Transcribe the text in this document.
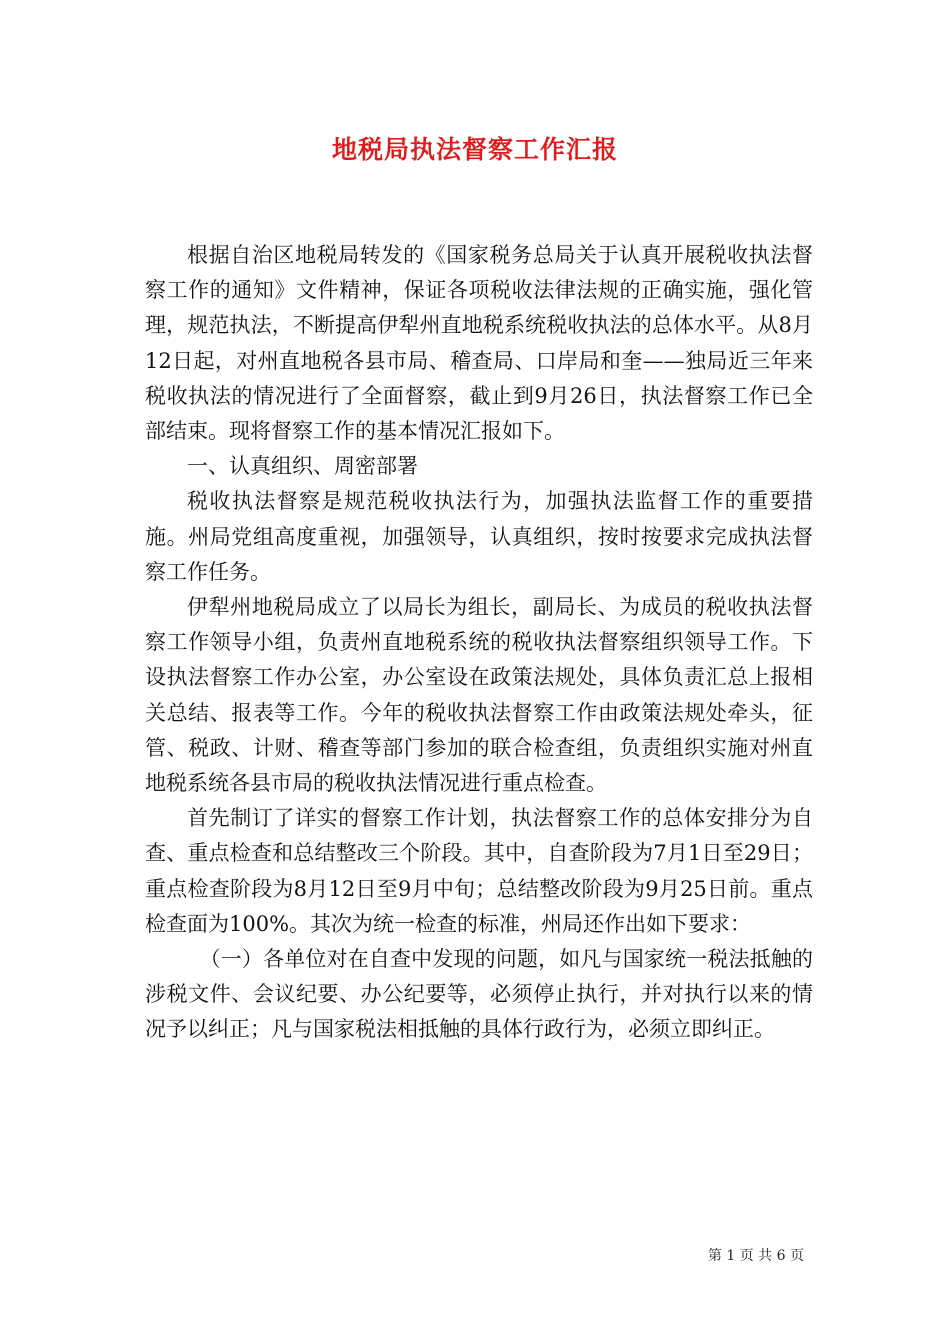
地税局执法督察工作汇报

根据自治区地税局转发的《国家税务总局关于认真开展税收执法督察工作的通知》文件精神，保证各项税收法律法规的正确实施，强化管理，规范执法，不断提高伊犁州直地税系统税收执法的总体水平。从8月12日起，对州直地税各县市局、稽查局、口岸局和奎——独局近三年来税收执法的情况进行了全面督察，截止到9月26日，执法督察工作已全部结束。现将督察工作的基本情况汇报如下。

一、认真组织、周密部署

税收执法督察是规范税收执法行为，加强执法监督工作的重要措施。州局党组高度重视，加强领导，认真组织，按时按要求完成执法督察工作任务。

伊犁州地税局成立了以局长为组长，副局长、为成员的税收执法督察工作领导小组，负责州直地税系统的税收执法督察组织领导工作。下设执法督察工作办公室，办公室设在政策法规处，具体负责汇总上报相关总结、报表等工作。今年的税收执法督察工作由政策法规处牵头，征管、税政、计财、稽查等部门参加的联合检查组，负责组织实施对州直地税系统各县市局的税收执法情况进行重点检查。

首先制订了详实的督察工作计划，执法督察工作的总体安排分为自查、重点检查和总结整改三个阶段。其中，自查阶段为7月1日至29日；重点检查阶段为8月12日至9月中旬；总结整改阶段为9月25日前。重点检查面为100%。其次为统一检查的标准，州局还作出如下要求：

（一）各单位对在自查中发现的问题，如凡与国家统一税法抵触的涉税文件、会议纪要、办公纪要等，必须停止执行，并对执行以来的情况予以纠正；凡与国家税法相抵触的具体行政行为，必须立即纠正。

第 1 页 共 6 页
